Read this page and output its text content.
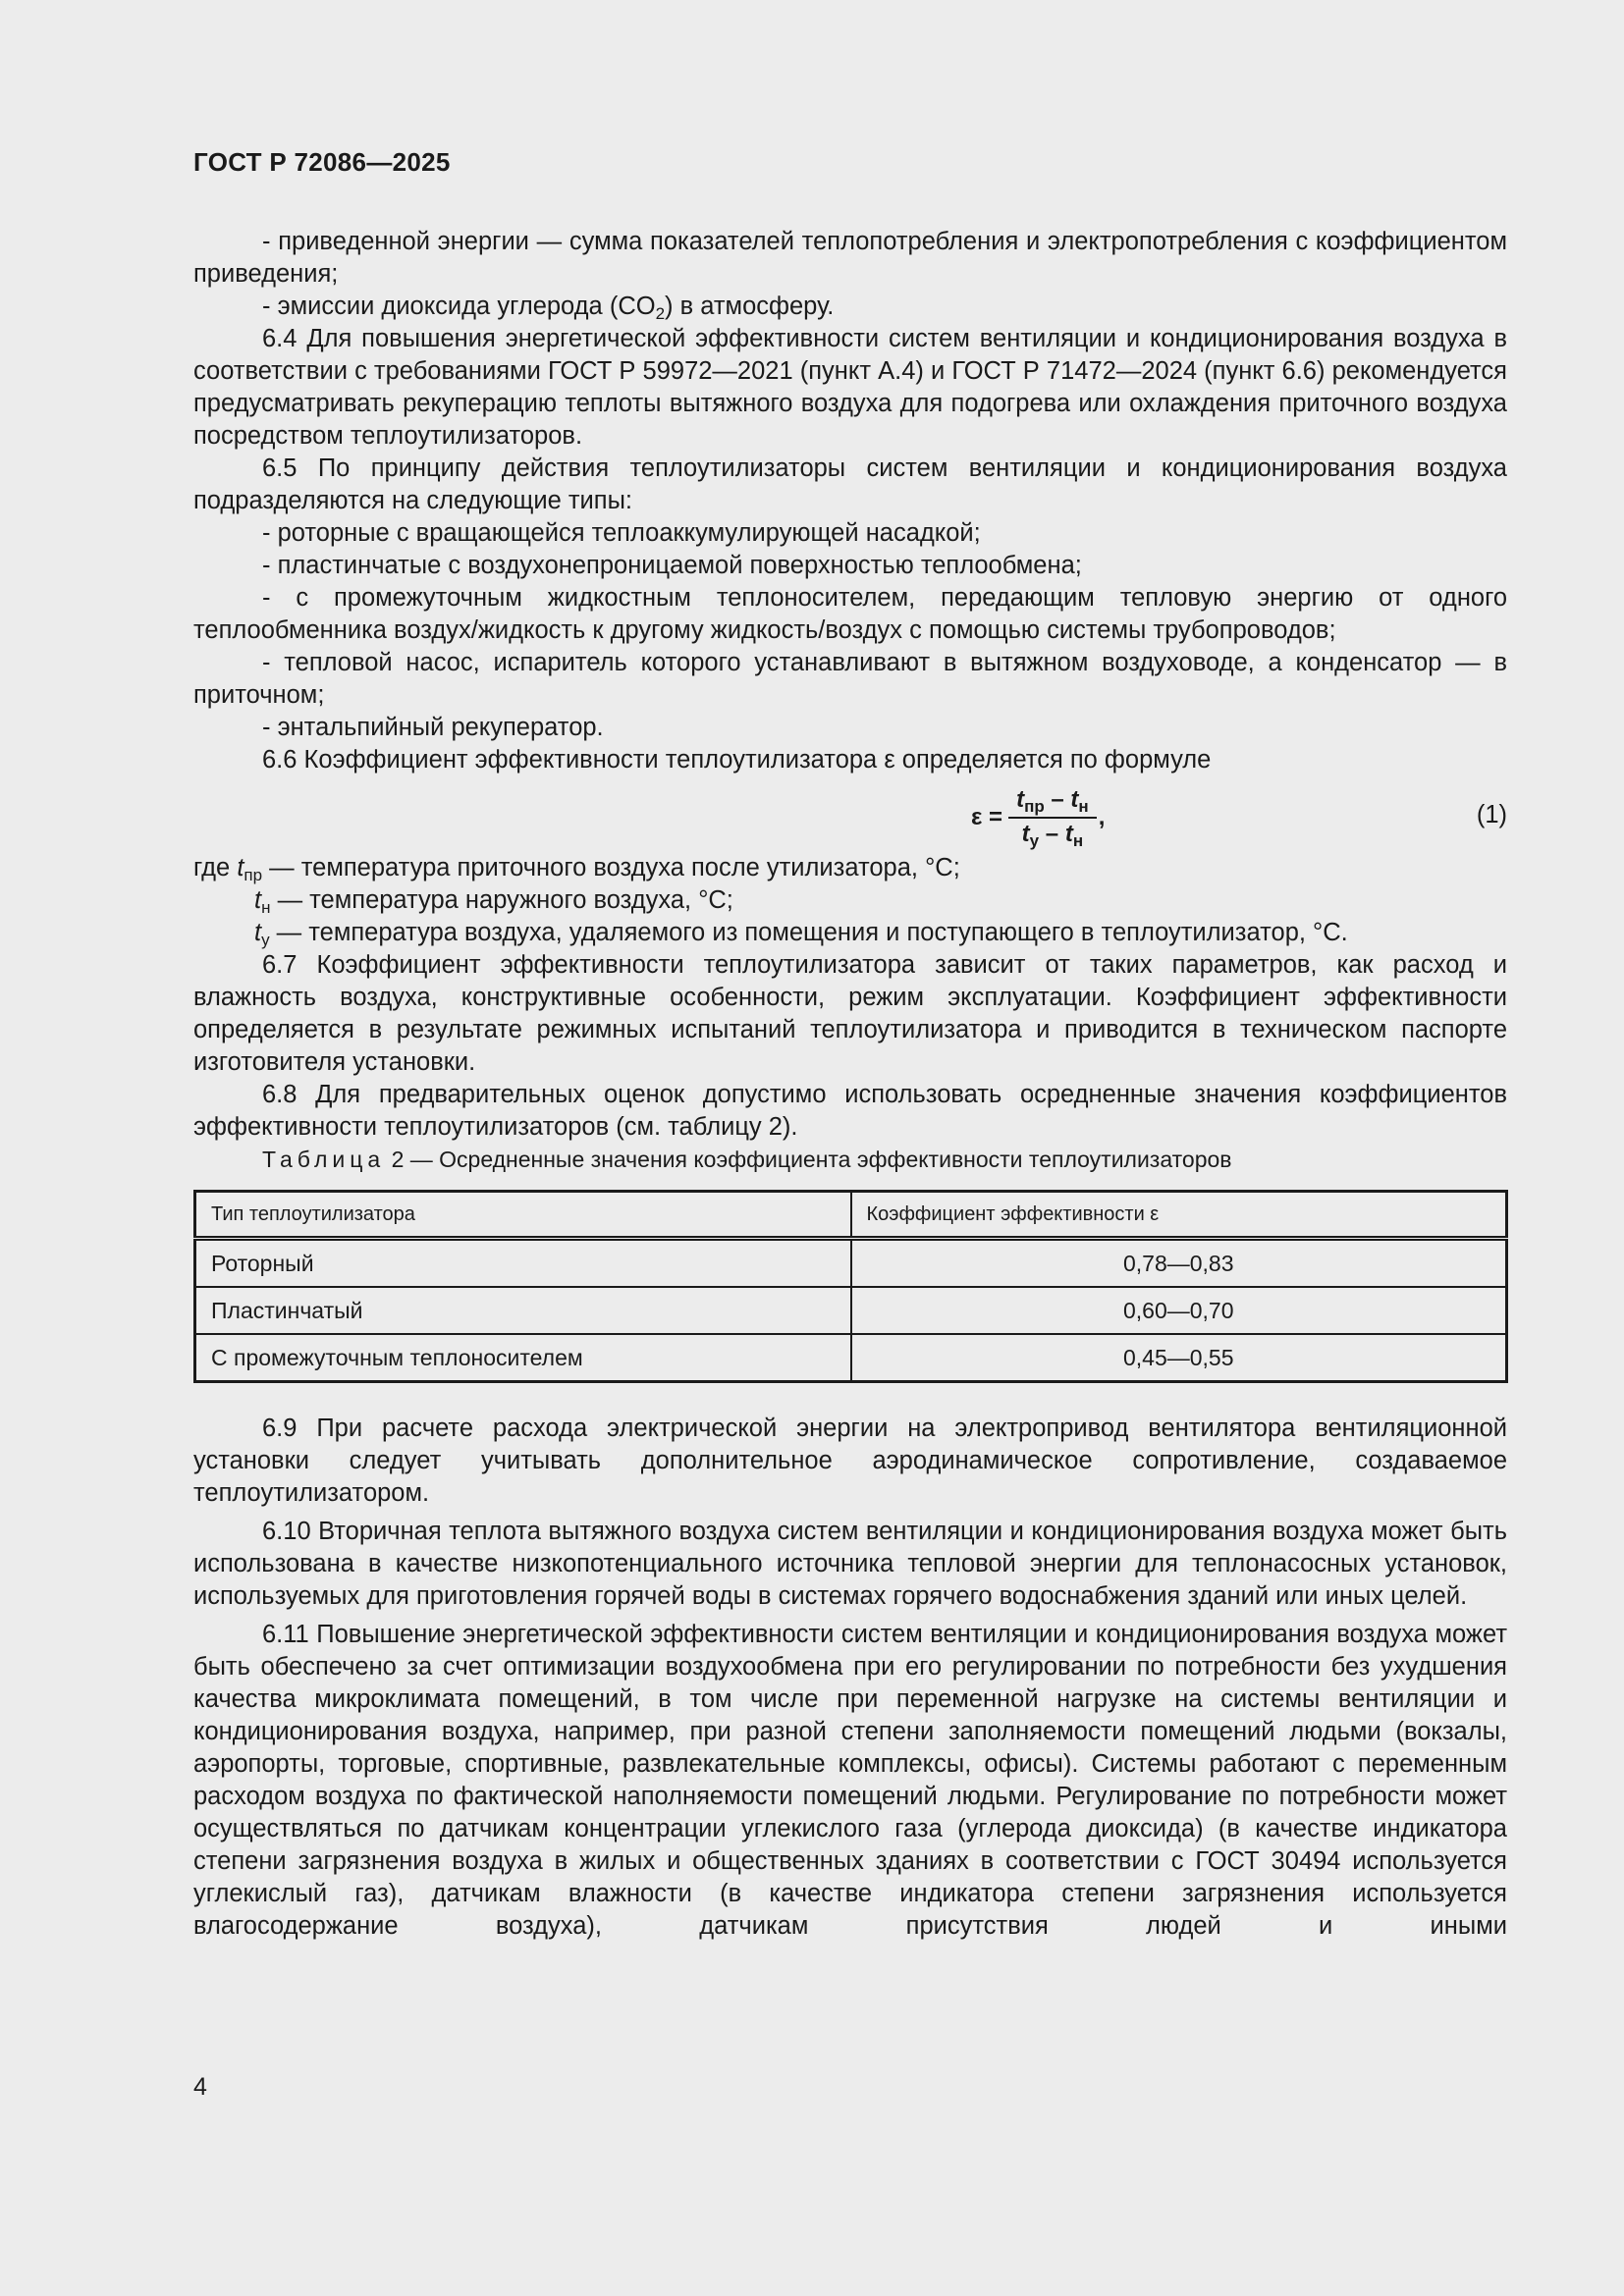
ГОСТ Р 72086—2025

- приведенной энергии — сумма показателей теплопотребления и электропотребления с коэффициентом приведения;

- эмиссии диоксида углерода $(CO_2)$ в атмосферу.

6.4 Для повышения энергетической эффективности систем вентиляции и кондиционирования воздуха в соответствии с требованиями ГОСТ Р 59972—2021 (пункт А.4) и ГОСТ Р 71472—2024 (пункт 6.6) рекомендуется предусматривать рекуперацию теплоты вытяжного воздуха для подогрева или охлаждения приточного воздуха посредством теплоутилизаторов.

6.5 По принципу действия теплоутилизаторы систем вентиляции и кондиционирования воздуха подразделяются на следующие типы:

- роторные с вращающейся теплоаккумулирующей насадкой;

- пластинчатые с воздухонепроницаемой поверхностью теплообмена;

- с промежуточным жидкостным теплоносителем, передающим тепловую энергию от одного теплообменника воздух/жидкость к другому жидкость/воздух с помощью системы трубопроводов;

- тепловой насос, испаритель которого устанавливают в вытяжном воздуховоде, а конденсатор — в приточном;

- энтальпийный рекуператор.

6.6 Коэффициент эффективности теплоутилизатора ε определяется по формуле

$\varepsilon = \frac{t_{пр} - t_н}{t_у - t_н}$ ,	(1)

где $t_{пр}$ — температура приточного воздуха после утилизатора, °С;

$t_н$ — температура наружного воздуха, °С;

$t_у$ — температура воздуха, удаляемого из помещения и поступающего в теплоутилизатор, °С.

6.7 Коэффициент эффективности теплоутилизатора зависит от таких параметров, как расход и влажность воздуха, конструктивные особенности, режим эксплуатации. Коэффициент эффективности определяется в результате режимных испытаний теплоутилизатора и приводится в техническом паспорте изготовителя установки.

6.8 Для предварительных оценок допустимо использовать осредненные значения коэффициентов эффективности теплоутилизаторов (см. таблицу 2).

Таблица 2 — Осредненные значения коэффициента эффективности теплоутилизаторов

Тип теплоутилизатора	Коэффициент эффективности ε
Роторный	0,78—0,83
Пластинчатый	0,60—0,70
С промежуточным теплоносителем	0,45—0,55

6.9 При расчете расхода электрической энергии на электропривод вентилятора вентиляционной установки следует учитывать дополнительное аэродинамическое сопротивление, создаваемое теплоутилизатором.

6.10 Вторичная теплота вытяжного воздуха систем вентиляции и кондиционирования воздуха может быть использована в качестве низкопотенциального источника тепловой энергии для теплонасосных установок, используемых для приготовления горячей воды в системах горячего водоснабжения зданий или иных целей.

6.11 Повышение энергетической эффективности систем вентиляции и кондиционирования воздуха может быть обеспечено за счет оптимизации воздухообмена при его регулировании по потребности без ухудшения качества микроклимата помещений, в том числе при переменной нагрузке на системы вентиляции и кондиционирования воздуха, например, при разной степени заполняемости помещений людьми (вокзалы, аэропорты, торговые, спортивные, развлекательные комплексы, офисы). Системы работают с переменным расходом воздуха по фактической наполняемости помещений людьми. Регулирование по потребности может осуществляться по датчикам концентрации углекислого газа (углерода диоксида) (в качестве индикатора степени загрязнения воздуха в жилых и общественных зданиях в соответствии с ГОСТ 30494 используется углекислый газ), датчикам влажности (в качестве индикатора степени загрязнения используется влагосодержание воздуха), датчикам присутствия людей и иными

4
